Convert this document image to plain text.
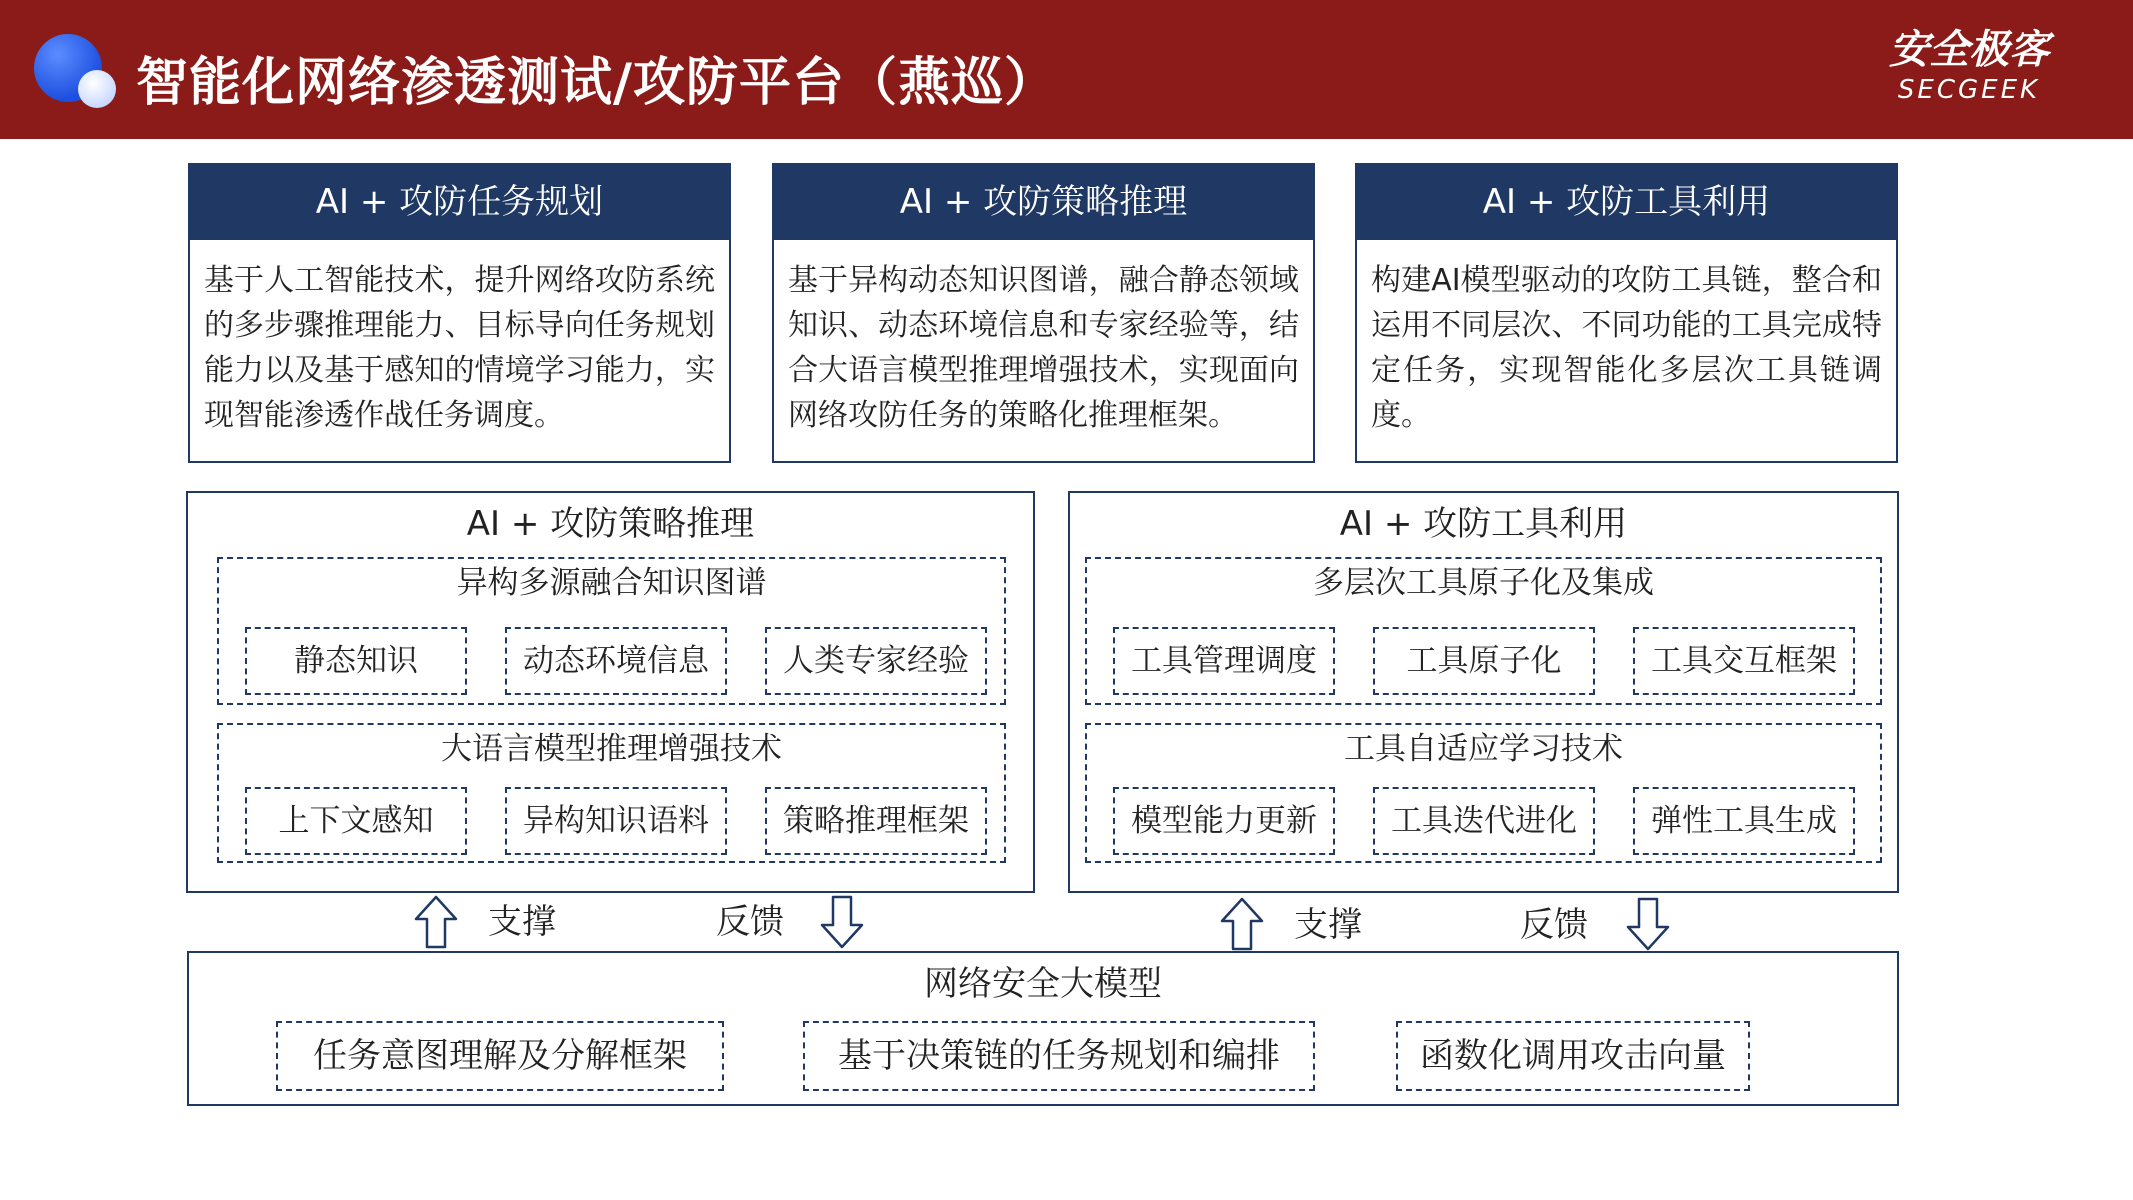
智能化网络渗透测试/攻防平台（燕巡）
安全极客
SECGEEK
AI + 攻防任务规划
基于人工智能技术，提升网络攻防系统的多步骤推理能力、目标导向任务规划能力以及基于感知的情境学习能力，实现智能渗透作战任务调度。
AI + 攻防策略推理
基于异构动态知识图谱，融合静态领域知识、动态环境信息和专家经验等，结合大语言模型推理增强技术，实现面向网络攻防任务的策略化推理框架。
AI + 攻防工具利用
构建AI模型驱动的攻防工具链，整合和运用不同层次、不同功能的工具完成特定任务，实现智能化多层次工具链调度。
AI + 攻防策略推理
异构多源融合知识图谱
静态知识	动态环境信息	人类专家经验
大语言模型推理增强技术
上下文感知	异构知识语料	策略推理框架
AI + 攻防工具利用
多层次工具原子化及集成
工具管理调度	工具原子化	工具交互框架
工具自适应学习技术
模型能力更新	工具迭代进化	弹性工具生成
支撑	反馈	支撑	反馈
网络安全大模型
任务意图理解及分解框架	基于决策链的任务规划和编排	函数化调用攻击向量
